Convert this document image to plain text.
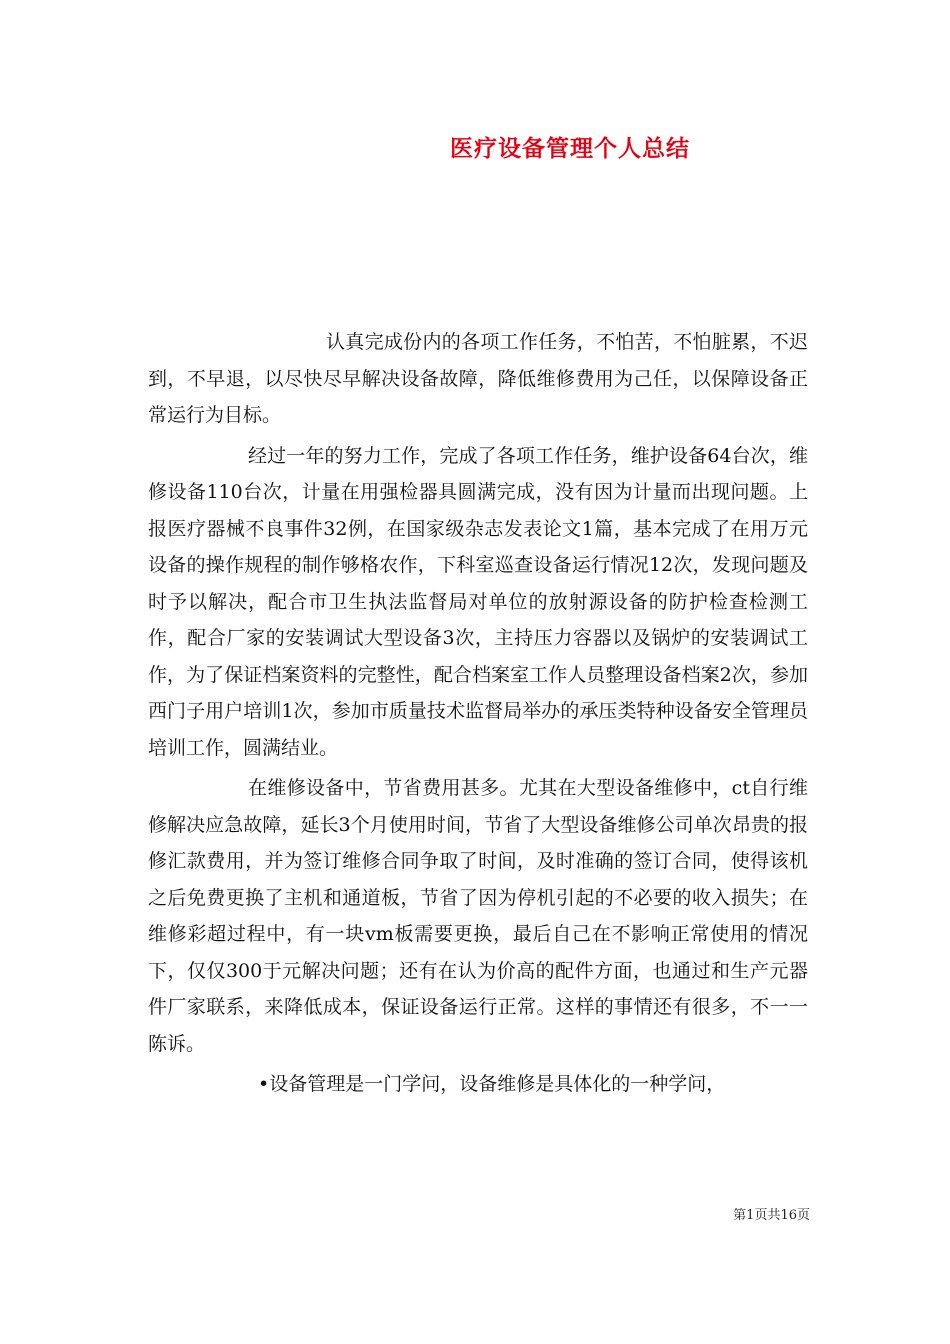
医疗设备管理个人总结

认真完成份内的各项工作任务，不怕苦，不怕脏累，不迟到，不早退，以尽快尽早解决设备故障，降低维修费用为己任，以保障设备正常运行为目标。

经过一年的努力工作，完成了各项工作任务，维护设备64台次，维修设备110台次，计量在用强检器具圆满完成，没有因为计量而出现问题。上报医疗器械不良事件32例，在国家级杂志发表论文1篇，基本完成了在用万元设备的操作规程的制作够格农作，下科室巡查设备运行情况12次，发现问题及时予以解决，配合市卫生执法监督局对单位的放射源设备的防护检查检测工作，配合厂家的安装调试大型设备3次，主持压力容器以及锅炉的安装调试工作，为了保证档案资料的完整性，配合档案室工作人员整理设备档案2次，参加西门子用户培训1次，参加市质量技术监督局举办的承压类特种设备安全管理员培训工作，圆满结业。

在维修设备中，节省费用甚多。尤其在大型设备维修中，ct自行维修解决应急故障，延长3个月使用时间，节省了大型设备维修公司单次昂贵的报修汇款费用，并为签订维修合同争取了时间，及时准确的签订合同，使得该机之后免费更换了主机和通道板，节省了因为停机引起的不必要的收入损失；在维修彩超过程中，有一块vm板需要更换，最后自己在不影响正常使用的情况下，仅仅300于元解决问题；还有在认为价高的配件方面，也通过和生产元器件厂家联系，来降低成本，保证设备运行正常。这样的事情还有很多，不一一陈诉。

•设备管理是一门学问，设备维修是具体化的一种学问，

第1页共16页
